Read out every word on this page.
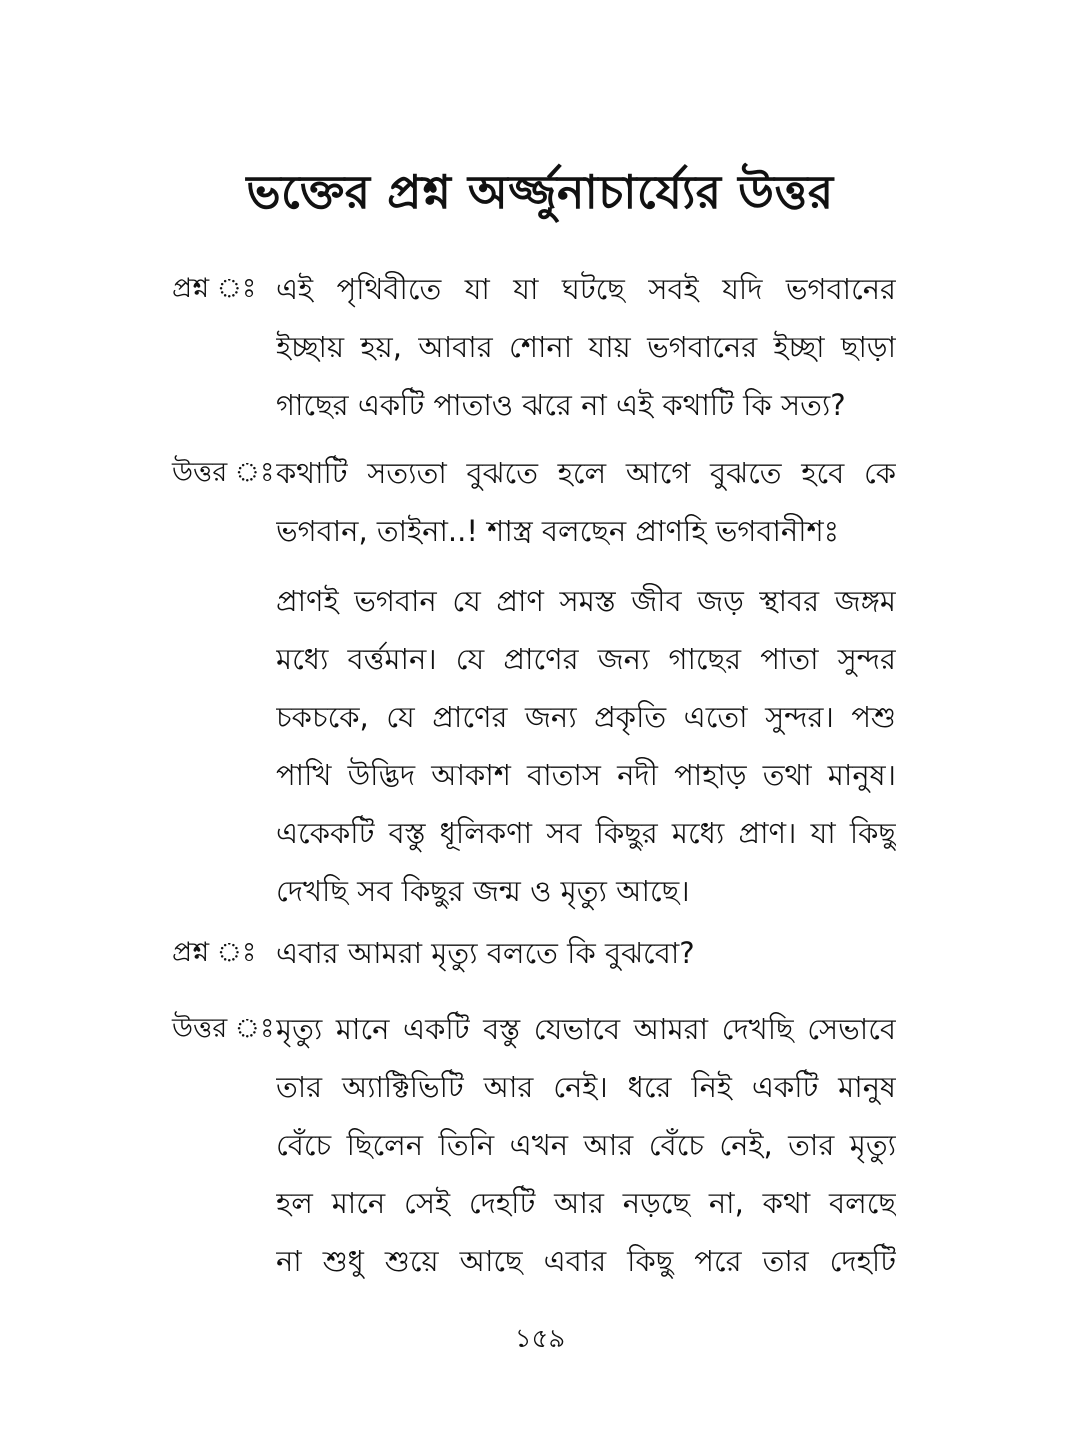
ভক্তের প্রশ্ন অর্জ্জুনাচার্য্যের উত্তর
প্রশ্ন ঃ এই পৃথিবীতে যা যা ঘটছে সবই যদি ভগবানের
ইচ্ছায় হয়, আবার শোনা যায় ভগবানের ইচ্ছা ছাড়া
গাছের একটি পাতাও ঝরে না এই কথাটি কি সত্য?
উত্তর ঃ কথাটি সত্যতা বুঝতে হলে আগে বুঝতে হবে কে
ভগবান, তাইনা..! শাস্ত্র বলছেন প্রাণহি ভগবানীশঃ
প্রাণই ভগবান যে প্রাণ সমস্ত জীব জড় স্থাবর জঙ্গম
মধ্যে বর্ত্তমান। যে প্রাণের জন্য গাছের পাতা সুন্দর
চকচকে, যে প্রাণের জন্য প্রকৃতি এতো সুন্দর। পশু
পাখি উদ্ভিদ আকাশ বাতাস নদী পাহাড় তথা মানুষ।
একেকটি বস্তু ধূলিকণা সব কিছুর মধ্যে প্রাণ। যা কিছু
দেখছি সব কিছুর জন্ম ও মৃত্যু আছে।
প্রশ্ন ঃ এবার আমরা মৃত্যু বলতে কি বুঝবো?
উত্তর ঃ মৃত্যু মানে একটি বস্তু যেভাবে আমরা দেখছি সেভাবে
তার অ্যাক্টিভিটি আর নেই। ধরে নিই একটি মানুষ
বেঁচে ছিলেন তিনি এখন আর বেঁচে নেই, তার মৃত্যু
হল মানে সেই দেহটি আর নড়ছে না, কথা বলছে
না শুধু শুয়ে আছে এবার কিছু পরে তার দেহটি
১৫৯
